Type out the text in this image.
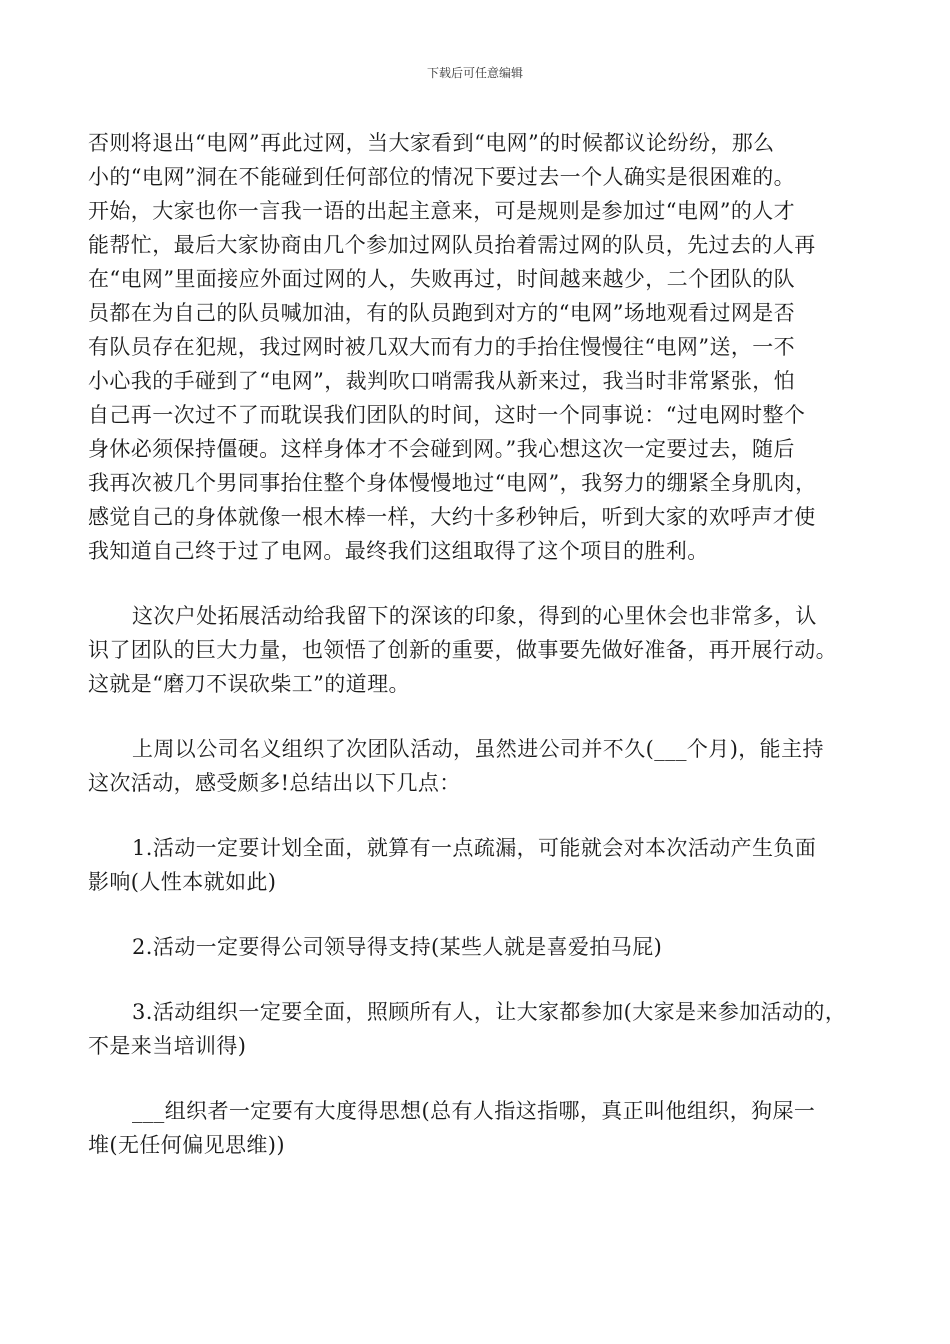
下载后可任意编辑
否则将退出“电网”再此过网，当大家看到“电网”的时候都议论纷纷，那么
小的“电网”洞在不能碰到任何部位的情况下要过去一个人确实是很困难的。
开始，大家也你一言我一语的出起主意来，可是规则是参加过“电网”的人才
能帮忙，最后大家协商由几个参加过网队员抬着需过网的队员，先过去的人再
在“电网”里面接应外面过网的人，失败再过，时间越来越少，二个团队的队
员都在为自己的队员喊加油，有的队员跑到对方的“电网”场地观看过网是否
有队员存在犯规，我过网时被几双大而有力的手抬住慢慢往“电网”送，一不
小心我的手碰到了“电网”，裁判吹口哨需我从新来过，我当时非常紧张，怕
自己再一次过不了而耽误我们团队的时间，这时一个同事说：“过电网时整个
身休必须保持僵硬。这样身体才不会碰到网。”我心想这次一定要过去，随后
我再次被几个男同事抬住整个身体慢慢地过“电网”，我努力的绷紧全身肌肉，
感觉自己的身体就像一根木棒一样，大约十多秒钟后，听到大家的欢呼声才使
我知道自己终于过了电网。最终我们这组取得了这个项目的胜利。
这次户处拓展活动给我留下的深该的印象，得到的心里休会也非常多，认
识了团队的巨大力量，也领悟了创新的重要，做事要先做好准备，再开展行动。
这就是“磨刀不误砍柴工”的道理。
上周以公司名义组织了次团队活动，虽然进公司并不久(___个月)，能主持
这次活动，感受颇多!总结出以下几点：
1.活动一定要计划全面，就算有一点疏漏，可能就会对本次活动产生负面
影响(人性本就如此)
2.活动一定要得公司领导得支持(某些人就是喜爱拍马屁)
3.活动组织一定要全面，照顾所有人，让大家都参加(大家是来参加活动的，
不是来当培训得)
___组织者一定要有大度得思想(总有人指这指哪，真正叫他组织，狗屎一
堆(无任何偏见思维))
